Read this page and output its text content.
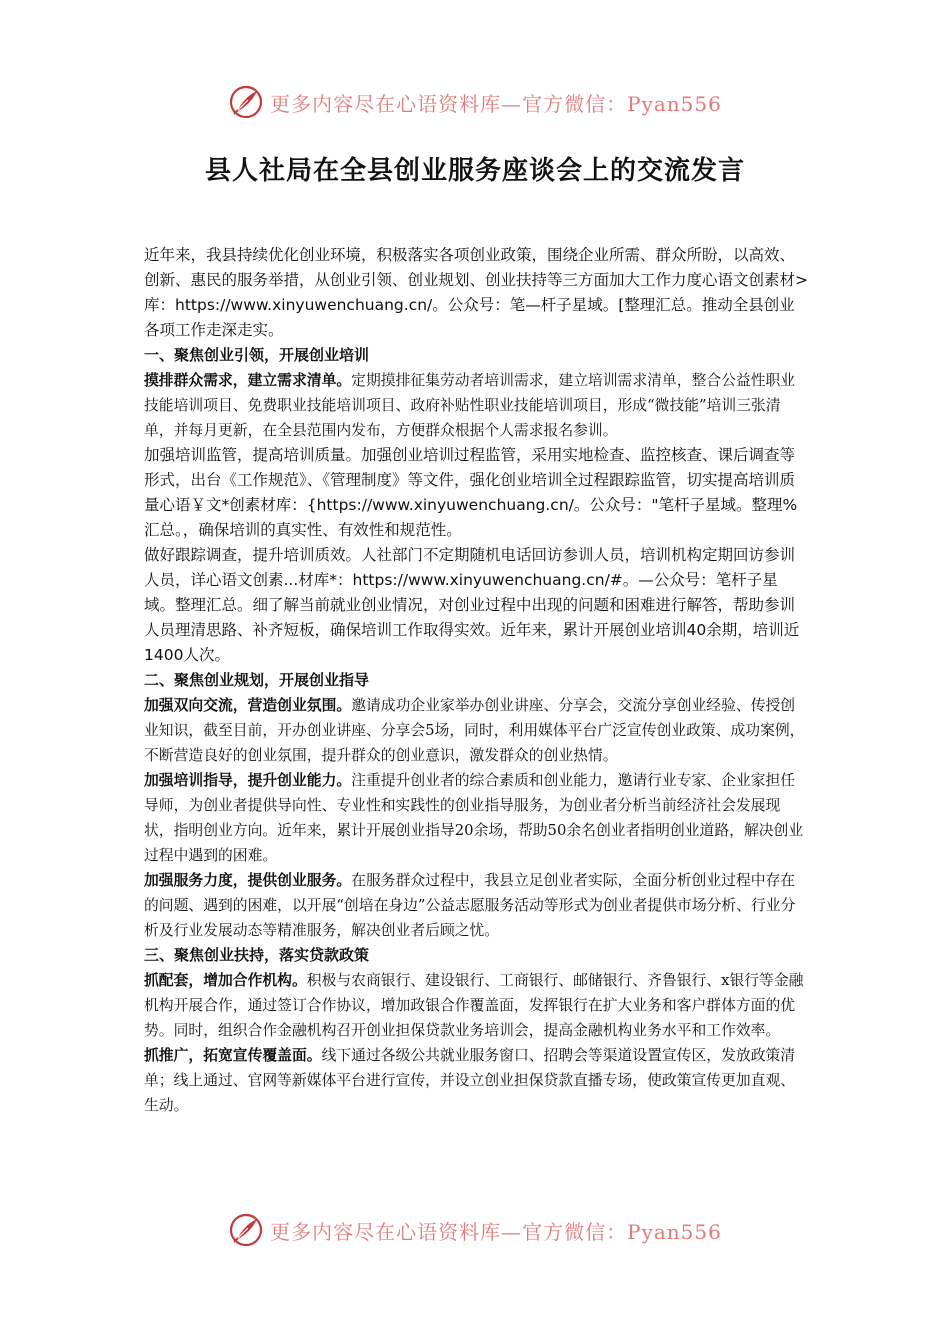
更多内容尽在心语资料库—官方微信：Pyan556
县人社局在全县创业服务座谈会上的交流发言

近年来，我县持续优化创业环境，积极落实各项创业政策，围绕企业所需、群众所盼，以高效、创新、惠民的服务举措，从创业引领、创业规划、创业扶持等三方面加大工作力度心语文创素材>库：https://www.xinyuwenchuang.cn/。公众号：笔—杆子星域。[整理汇总。推动全县创业各项工作走深走实。

一、聚焦创业引领，开展创业培训

摸排群众需求，建立需求清单。定期摸排征集劳动者培训需求，建立培训需求清单，整合公益性职业技能培训项目、免费职业技能培训项目、政府补贴性职业技能培训项目，形成“微技能”培训三张清单，并每月更新，在全县范围内发布，方便群众根据个人需求报名参训。

加强培训监管，提高培训质量。加强创业培训过程监管，采用实地检查、监控核查、课后调查等形式，出台《工作规范》、《管理制度》等文件，强化创业培训全过程跟踪监管，切实提高培训质量心语￥文*创素材库：{https://www.xinyuwenchuang.cn/。公众号："笔杆子星域。整理%汇总。，确保培训的真实性、有效性和规范性。

做好跟踪调查，提升培训质效。人社部门不定期随机电话回访参训人员，培训机构定期回访参训人员，详心语文创素...材库*：https://www.xinyuwenchuang.cn/#。—公众号：笔杆子星域。整理汇总。细了解当前就业创业情况，对创业过程中出现的问题和困难进行解答，帮助参训人员理清思路、补齐短板，确保培训工作取得实效。近年来，累计开展创业培训40余期，培训近1400人次。

二、聚焦创业规划，开展创业指导

加强双向交流，营造创业氛围。邀请成功企业家举办创业讲座、分享会，交流分享创业经验、传授创业知识，截至目前，开办创业讲座、分享会5场，同时，利用媒体平台广泛宣传创业政策、成功案例，不断营造良好的创业氛围，提升群众的创业意识，激发群众的创业热情。

加强培训指导，提升创业能力。注重提升创业者的综合素质和创业能力，邀请行业专家、企业家担任导师，为创业者提供导向性、专业性和实践性的创业指导服务，为创业者分析当前经济社会发展现状，指明创业方向。近年来，累计开展创业指导20余场，帮助50余名创业者指明创业道路，解决创业过程中遇到的困难。

加强服务力度，提供创业服务。在服务群众过程中，我县立足创业者实际，全面分析创业过程中存在的问题、遇到的困难，以开展“创培在身边”公益志愿服务活动等形式为创业者提供市场分析、行业分析及行业发展动态等精准服务，解决创业者后顾之忧。

三、聚焦创业扶持，落实贷款政策

抓配套，增加合作机构。积极与农商银行、建设银行、工商银行、邮储银行、齐鲁银行、x银行等金融机构开展合作，通过签订合作协议，增加政银合作覆盖面，发挥银行在扩大业务和客户群体方面的优势。同时，组织合作金融机构召开创业担保贷款业务培训会，提高金融机构业务水平和工作效率。

抓推广，拓宽宣传覆盖面。线下通过各级公共就业服务窗口、招聘会等渠道设置宣传区，发放政策清单；线上通过、官网等新媒体平台进行宣传，并设立创业担保贷款直播专场，使政策宣传更加直观、生动。

更多内容尽在心语资料库—官方微信：Pyan556
